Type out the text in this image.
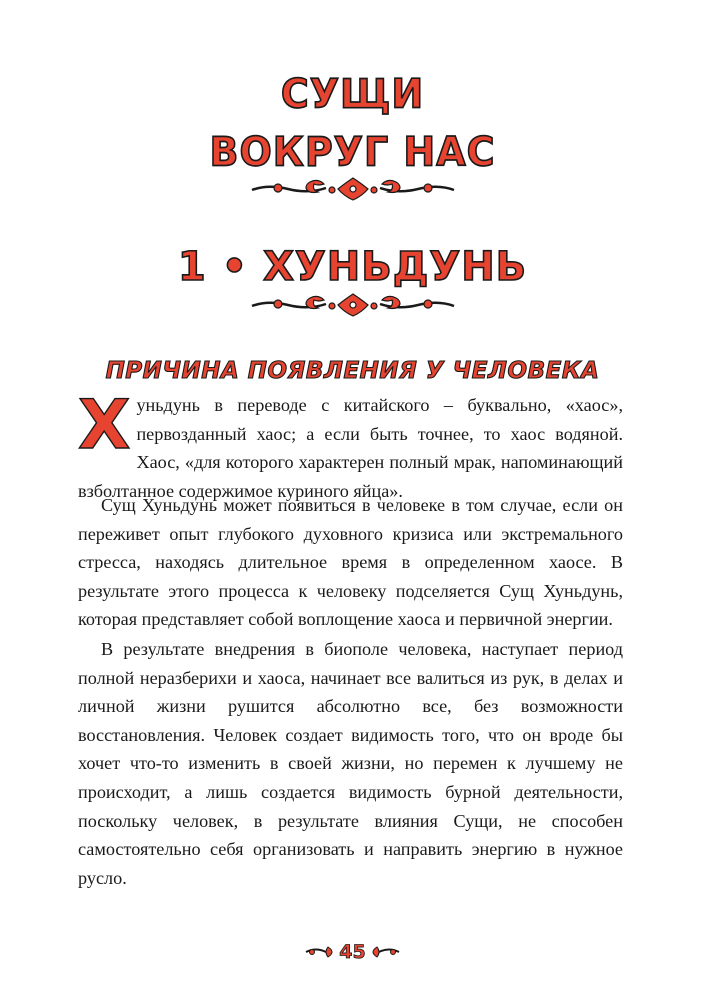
СУЩИ
ВОКРУГ НАС
1 • ХУНЬДУНЬ
ПРИЧИНА ПОЯВЛЕНИЯ У ЧЕЛОВЕКА
Хуньдунь в переводе с китайского – буквально, «хаос», первозданный хаос; а если быть точнее, то хаос водяной. Хаос, «для которого характерен полный мрак, напоминающий взболтанное содержимое куриного яйца».
Сущ Хуньдунь может появиться в человеке в том случае, если он переживет опыт глубокого духовного кризиса или экстремального стресса, находясь длительное время в определенном хаосе. В результате этого процесса к человеку подселяется Сущ Хуньдунь, которая представляет собой воплощение хаоса и первичной энергии.
В результате внедрения в биополе человека, наступает период полной неразберихи и хаоса, начинает все валиться из рук, в делах и личной жизни рушится абсолютно все, без возможности восстановления. Человек создает видимость того, что он вроде бы хочет что-то изменить в своей жизни, но перемен к лучшему не происходит, а лишь создается видимость бурной деятельности, поскольку человек, в результате влияния Сущи, не способен самостоятельно себя организовать и направить энергию в нужное русло.
45
